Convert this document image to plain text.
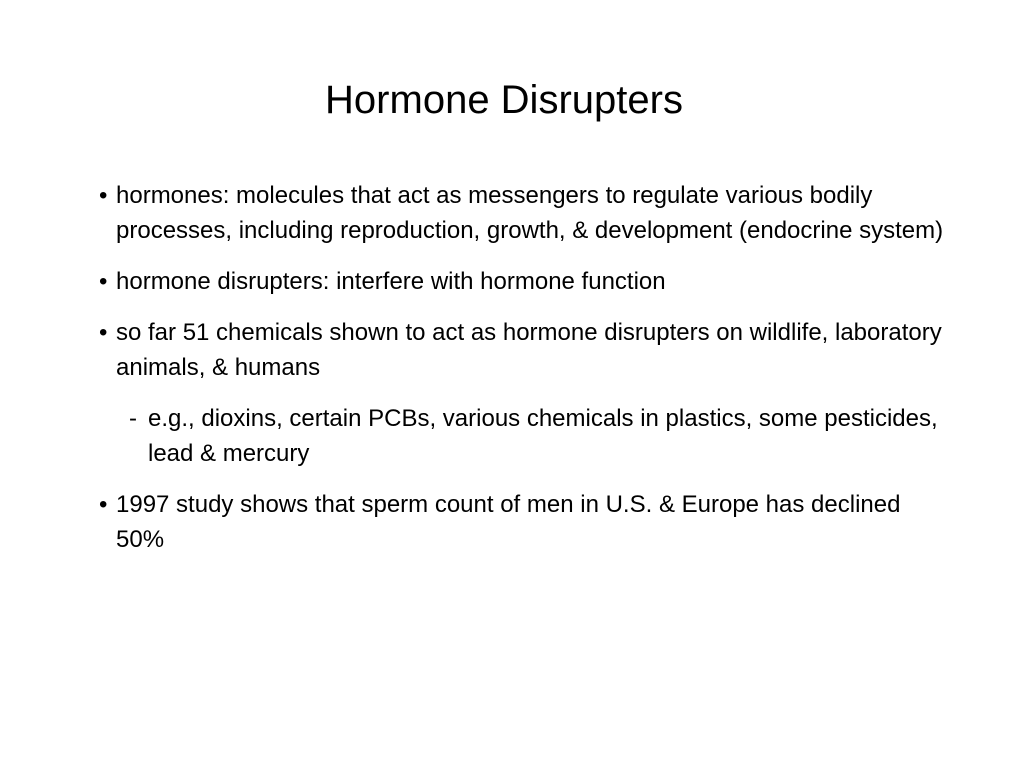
Hormone Disrupters
• hormones: molecules that act as messengers to regulate various bodily processes, including reproduction, growth, & development (endocrine system)
• hormone disrupters: interfere with hormone function
• so far 51 chemicals shown to act as hormone disrupters on wildlife, laboratory animals, & humans
- e.g., dioxins, certain PCBs, various chemicals in plastics, some pesticides, lead & mercury
• 1997 study shows that sperm count of men in U.S. & Europe has declined 50%
